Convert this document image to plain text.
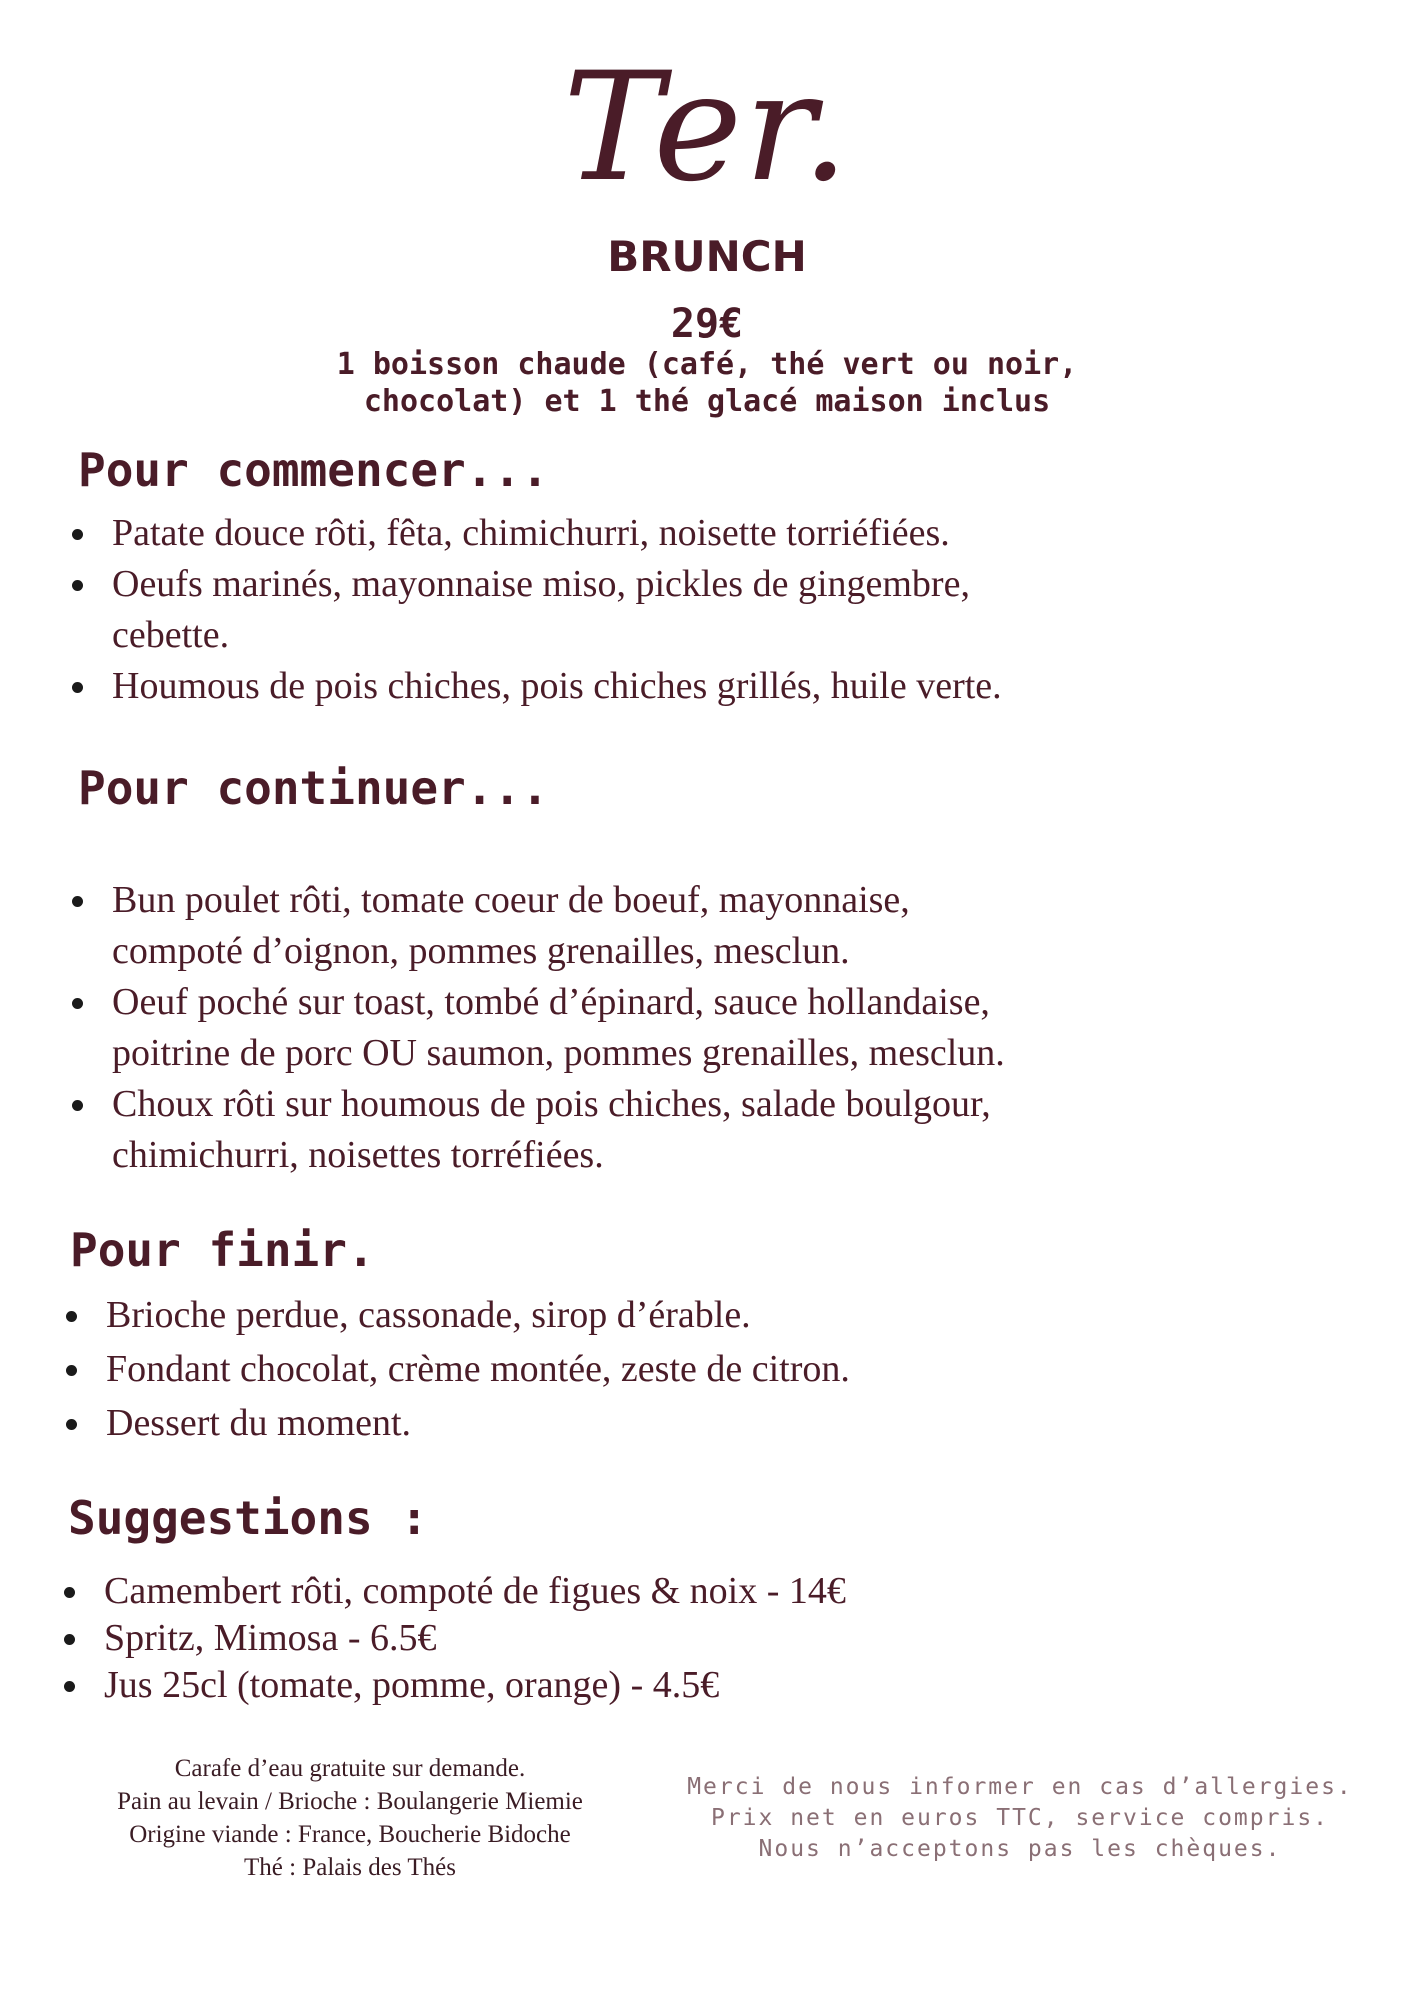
Ter.
BRUNCH
29€
1 boisson chaude (café, thé vert ou noir,
chocolat) et 1 thé glacé maison inclus
Pour commencer...
Patate douce rôti, fêta, chimichurri, noisette torriéfiées.
Oeufs marinés, mayonnaise miso, pickles de gingembre,
cebette.
Houmous de pois chiches, pois chiches grillés, huile verte.
Pour continuer...
Bun poulet rôti, tomate coeur de boeuf, mayonnaise,
compoté d’oignon, pommes grenailles, mesclun.
Oeuf poché sur toast, tombé d’épinard, sauce hollandaise,
poitrine de porc OU saumon, pommes grenailles, mesclun.
Choux rôti sur houmous de pois chiches, salade boulgour,
chimichurri, noisettes torréfiées.
Pour finir.
Brioche perdue, cassonade, sirop d’érable.
Fondant chocolat, crème montée, zeste de citron.
Dessert du moment.
Suggestions :
Camembert rôti, compoté de figues & noix - 14€
Spritz, Mimosa - 6.5€
Jus 25cl (tomate, pomme, orange) - 4.5€
Carafe d’eau gratuite sur demande.
Pain au levain / Brioche : Boulangerie Miemie
Origine viande : France, Boucherie Bidoche
Thé : Palais des Thés
Merci de nous informer en cas d’allergies.
Prix net en euros TTC, service compris.
Nous n’acceptons pas les chèques.
